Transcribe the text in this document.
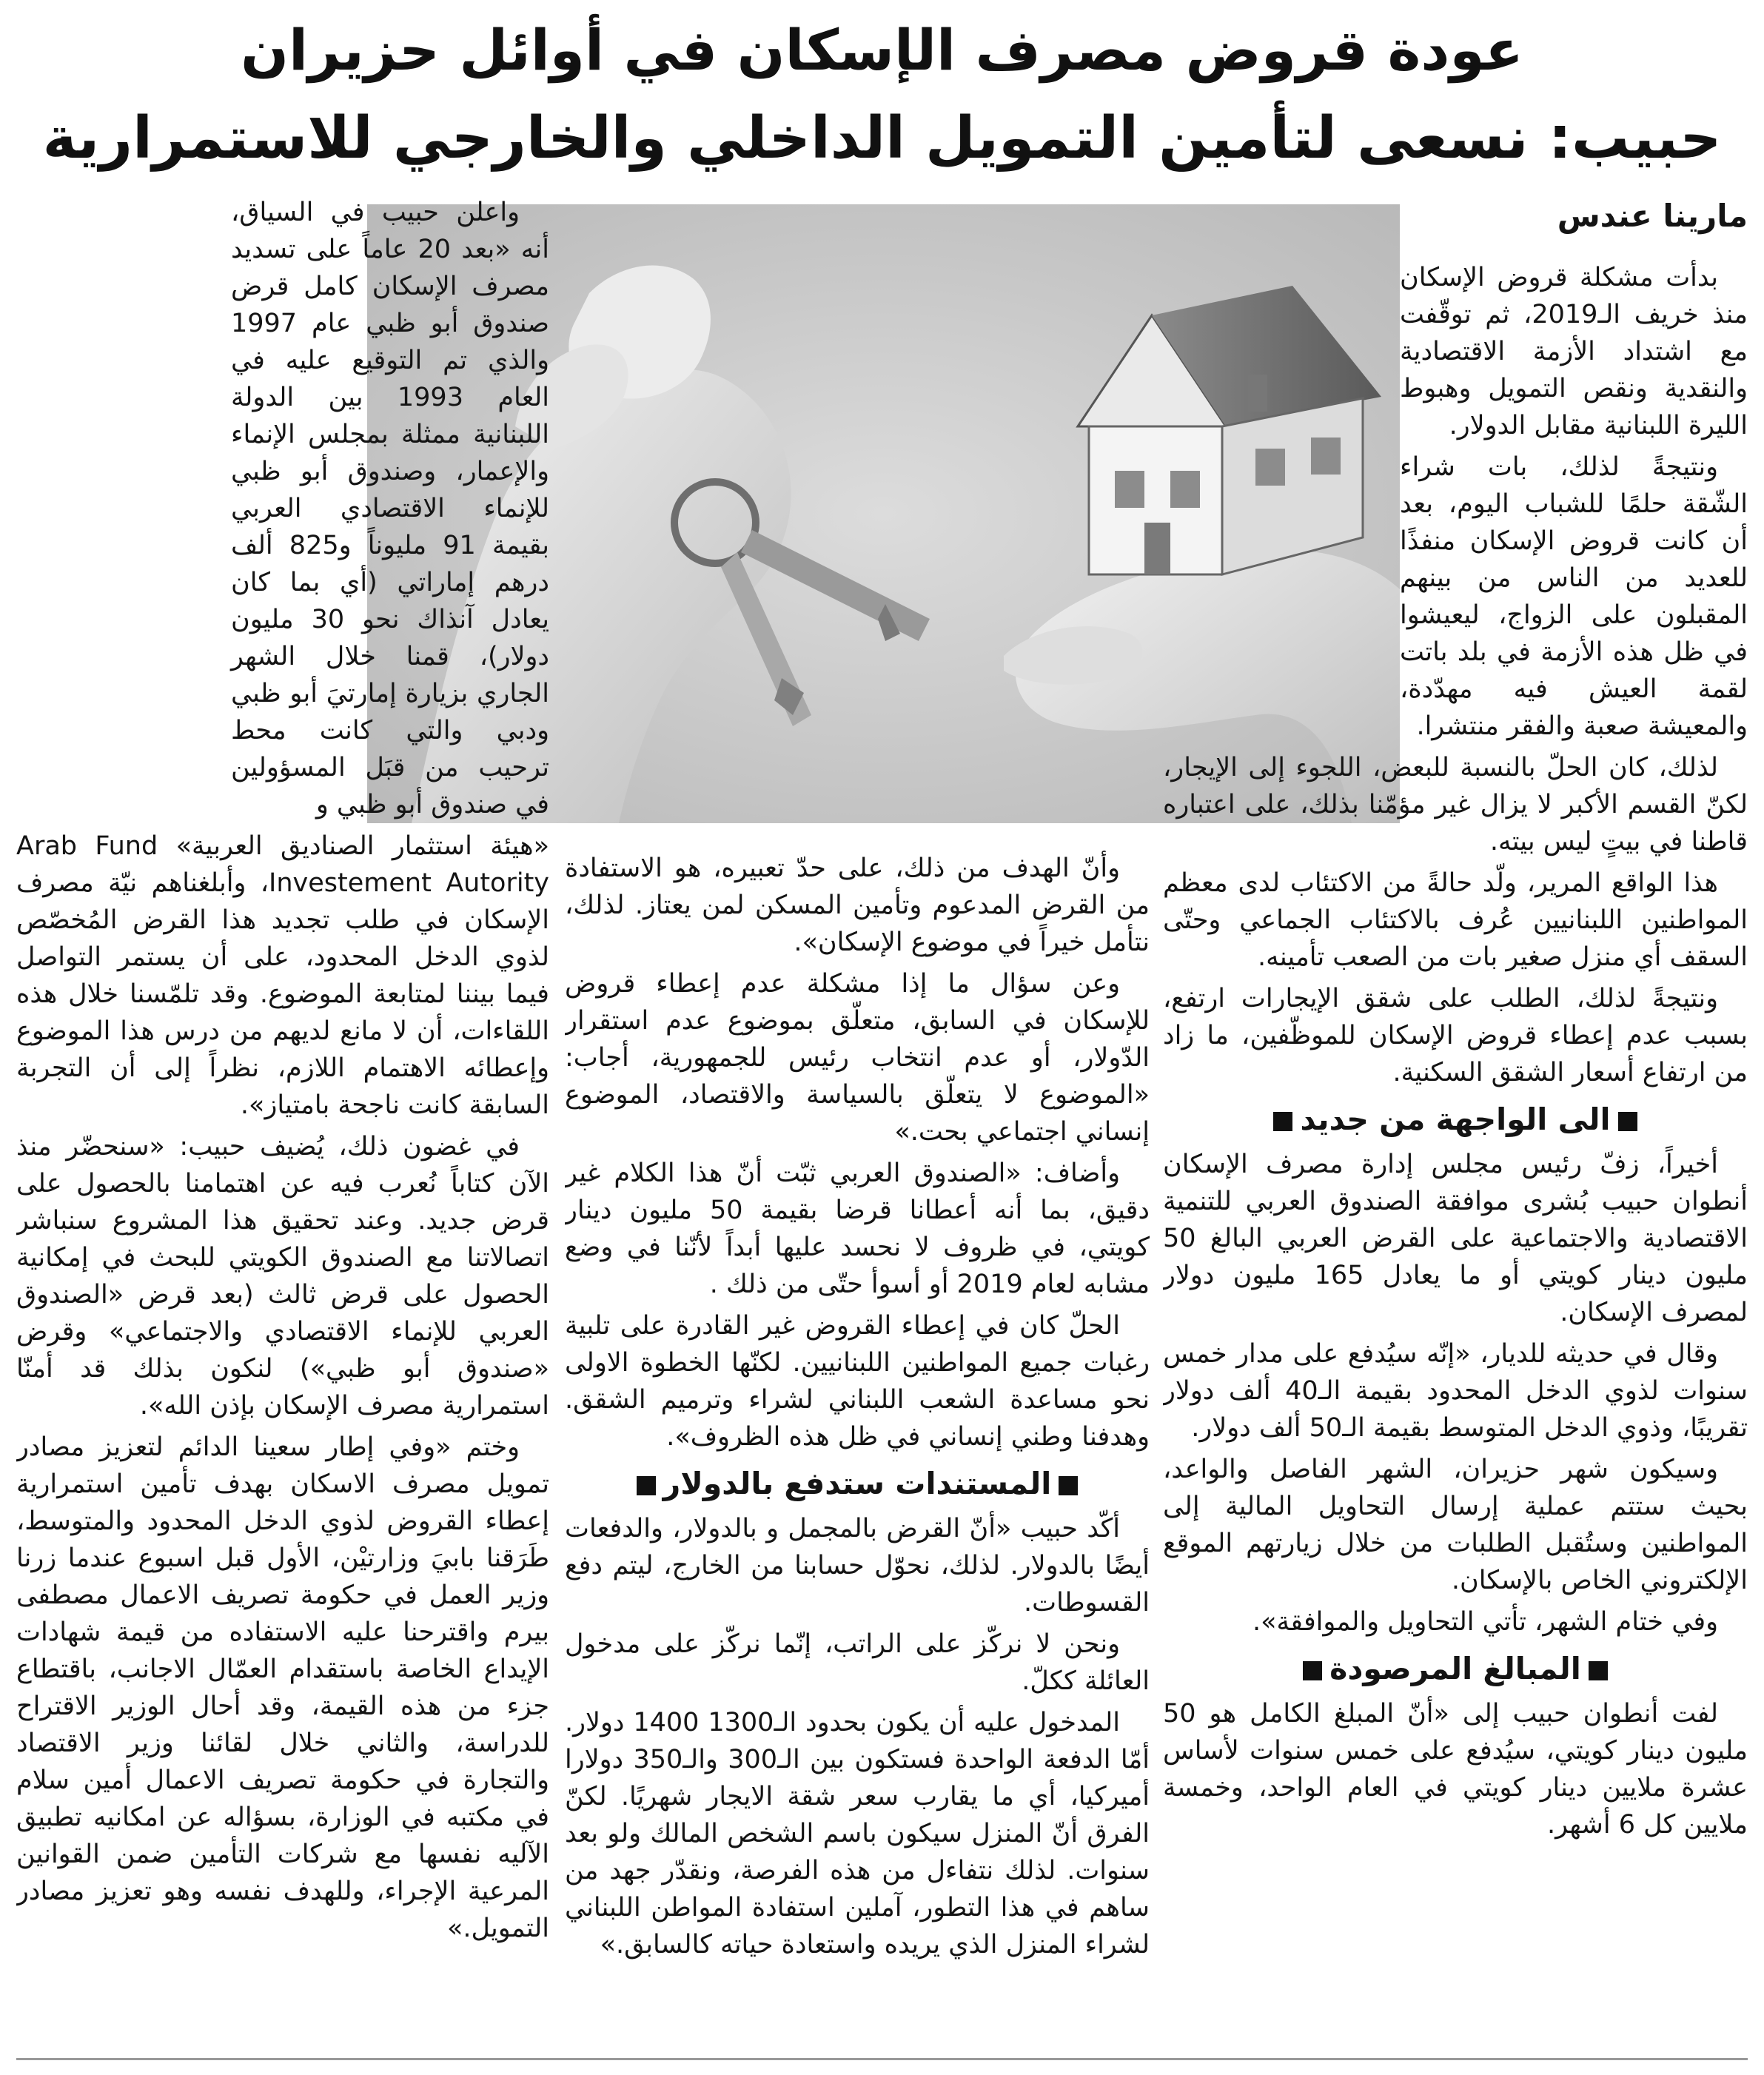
عودة قروض مصرف الإسكان في أوائل حزيران
حبيب: نسعى لتأمين التمويل الداخلي والخارجي للاستمرارية
مارينا عندس

بدأت مشكلة قروض الإسكان منذ خريف الـ2019، ثم توقّفت مع اشتداد الأزمة الاقتصادية والنقدية ونقص التمويل وهبوط الليرة اللبنانية مقابل الدولار.

ونتيجةً لذلك، بات شراء الشّقة حلمًا للشباب اليوم، بعد أن كانت قروض الإسكان منفذًا للعديد من الناس من بينهم المقبلون على الزواج، ليعيشوا في ظل هذه الأزمة في بلد باتت لقمة العيش فيه مهدّدة، والمعيشة صعبة والفقر منتشرا.

لذلك، كان الحلّ بالنسبة للبعض، اللجوء إلى الإيجار، لكنّ القسم الأكبر لا يزال غير مؤمّنا بذلك، على اعتباره قاطنا في بيتٍ ليس بيته.

هذا الواقع المرير، ولّد حالةً من الاكتئاب لدى معظم المواطنين اللبنانيين عُرف بالاكتئاب الجماعي وحتّى السقف أي منزل صغير بات من الصعب تأمينه.

ونتيجةً لذلك، الطلب على شقق الإيجارات ارتفع، بسبب عدم إعطاء قروض الإسكان للموظّفين، ما زاد من ارتفاع أسعار الشقق السكنية.

الى الواجهة من جديد

أخيراً، زفّ رئيس مجلس إدارة مصرف الإسكان أنطوان حبيب بُشرى موافقة الصندوق العربي للتنمية الاقتصادية والاجتماعية على القرض العربي البالغ 50 مليون دينار كويتي أو ما يعادل 165 مليون دولار لمصرف الإسكان.

وقال في حديثه للديار، «إنّه سيُدفع على مدار خمس سنوات لذوي الدخل المحدود بقيمة الـ40 ألف دولار تقريبًا، وذوي الدخل المتوسط بقيمة الـ50 ألف دولار.

وسيكون شهر حزيران، الشهر الفاصل والواعد، بحيث ستتم عملية إرسال التحاويل المالية إلى المواطنين وستُقبل الطلبات من خلال زيارتهم الموقع الإلكتروني الخاص بالإسكان.

وفي ختام الشهر، تأتي التحاويل والموافقة».

المبالغ المرصودة

لفت أنطوان حبيب إلى «أنّ المبلغ الكامل هو 50 مليون دينار كويتي، سيُدفع على خمس سنوات لأساس عشرة ملايين دينار كويتي في العام الواحد، وخمسة ملايين كل 6 أشهر.

وأنّ الهدف من ذلك، على حدّ تعبيره، هو الاستفادة من القرض المدعوم وتأمين المسكن لمن يعتاز. لذلك، نتأمل خيراً في موضوع الإسكان».

وعن سؤال ما إذا مشكلة عدم إعطاء قروض للإسكان في السابق، متعلّق بموضوع عدم استقرار الدّولار، أو عدم انتخاب رئيس للجمهورية، أجاب: «الموضوع لا يتعلّق بالسياسة والاقتصاد، الموضوع إنساني اجتماعي بحت.»

وأضاف: «الصندوق العربي ثبّت أنّ هذا الكلام غير دقيق، بما أنه أعطانا قرضا بقيمة 50 مليون دينار كويتي، في ظروف لا نحسد عليها أبداً لأنّنا في وضع مشابه لعام 2019 أو أسوأ حتّى من ذلك .

الحلّ كان في إعطاء القروض غير القادرة على تلبية رغبات جميع المواطنين اللبنانيين. لكنّها الخطوة الاولى نحو مساعدة الشعب اللبناني لشراء وترميم الشقق. وهدفنا وطني إنساني في ظل هذه الظروف».

المستندات ستدفع بالدولار

أكّد حبيب «أنّ القرض بالمجمل و بالدولار، والدفعات أيضًا بالدولار. لذلك، نحوّل حسابنا من الخارج، ليتم دفع القسوطات.

ونحن لا نركّز على الراتب، إنّما نركّز على مدخول العائلة ككلّ.

المدخول عليه أن يكون بحدود الـ1300 1400 دولار. أمّا الدفعة الواحدة فستكون بين الـ300 والـ350 دولارا أميركيا، أي ما يقارب سعر شقة الايجار شهريًا. لكنّ الفرق أنّ المنزل سيكون باسم الشخص المالك ولو بعد سنوات. لذلك نتفاءل من هذه الفرصة، ونقدّر جهد من ساهم في هذا التطور، آملين استفادة المواطن اللبناني لشراء المنزل الذي يريده واستعادة حياته كالسابق.»

واعلن حبيب في السياق، أنه «بعد 20 عاماً على تسديد مصرف الإسكان كامل قرض صندوق أبو ظبي عام 1997 والذي تم التوقيع عليه في العام 1993 بين الدولة اللبنانية ممثلة بمجلس الإنماء والإعمار، وصندوق أبو ظبي للإنماء الاقتصادي العربي بقيمة 91 مليوناً و825 ألف درهم إماراتي (أي بما كان يعادل آنذاك نحو 30 مليون دولار)، قمنا خلال الشهر الجاري بزيارة إمارتيَ أبو ظبي ودبي والتي كانت محط ترحيب من قبَل المسؤولين في صندوق أبو ظبي و

«هيئة استثمار الصناديق العربية» Arab Fund Investement Autority، وأبلغناهم نيّة مصرف الإسكان في طلب تجديد هذا القرض المُخصّص لذوي الدخل المحدود، على أن يستمر التواصل فيما بيننا لمتابعة الموضوع. وقد تلمّسنا خلال هذه اللقاءات، أن لا مانع لديهم من درس هذا الموضوع وإعطائه الاهتمام اللازم، نظراً إلى أن التجربة السابقة كانت ناجحة بامتياز».

في غضون ذلك، يُضيف حبيب: «سنحضّر منذ الآن كتاباً نُعرب فيه عن اهتمامنا بالحصول على قرض جديد. وعند تحقيق هذا المشروع سنباشر اتصالاتنا مع الصندوق الكويتي للبحث في إمكانية الحصول على قرض ثالث (بعد قرض «الصندوق العربي للإنماء الاقتصادي والاجتماعي» وقرض «صندوق أبو ظبي») لنكون بذلك قد أمنّا استمرارية مصرف الإسكان بإذن الله».

وختم «وفي إطار سعينا الدائم لتعزيز مصادر تمويل مصرف الاسكان بهدف تأمين استمرارية إعطاء القروض لذوي الدخل المحدود والمتوسط، طَرَقنا بابيَ وزارتيْن، الأول قبل اسبوع عندما زرنا وزير العمل في حكومة تصريف الاعمال مصطفى بيرم واقترحنا عليه الاستفاده من قيمة شهادات الإيداع الخاصة باستقدام العمّال الاجانب، باقتطاع جزء من هذه القيمة، وقد أحال الوزير الاقتراح للدراسة، والثاني خلال لقائنا وزير الاقتصاد والتجارة في حكومة تصريف الاعمال أمين سلام في مكتبه في الوزارة، بسؤاله عن امكانيه تطبيق الآليه نفسها مع شركات التأمين ضمن القوانين المرعية الإجراء، وللهدف نفسه وهو تعزيز مصادر التمويل.»
